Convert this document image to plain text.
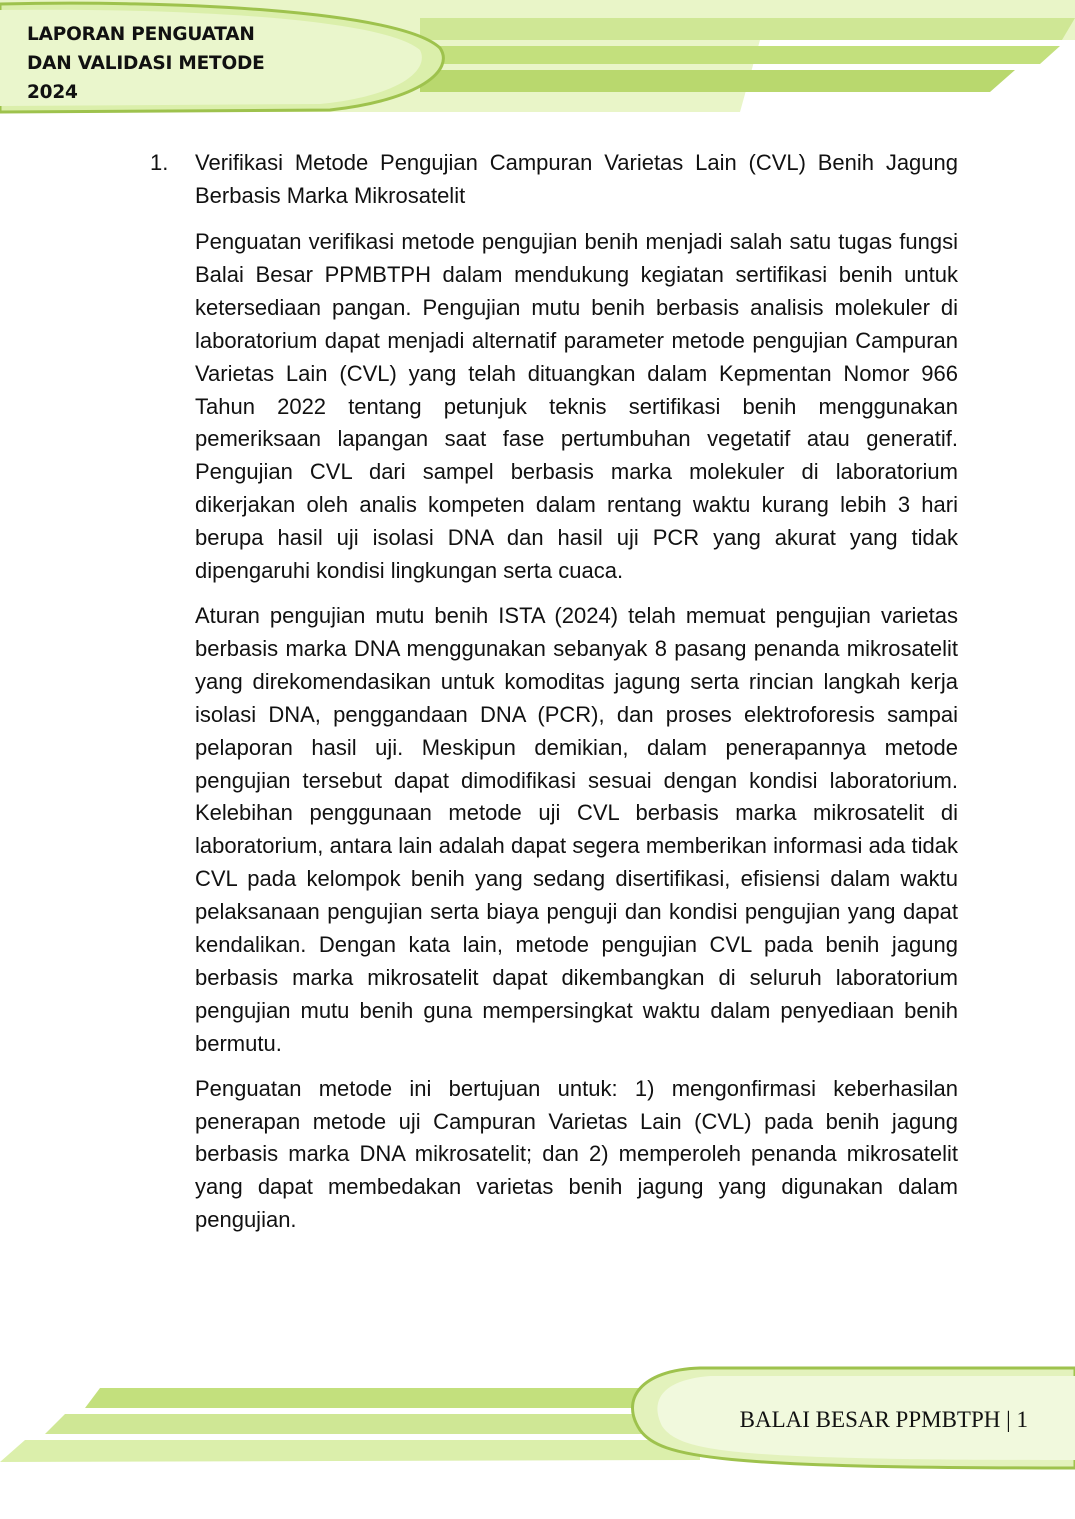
LAPORAN PENGUATAN
DAN VALIDASI METODE
2024

1.	Verifikasi Metode Pengujian Campuran Varietas Lain (CVL) Benih Jagung Berbasis Marka Mikrosatelit

Penguatan verifikasi metode pengujian benih menjadi salah satu tugas fungsi Balai Besar PPMBTPH dalam mendukung kegiatan sertifikasi benih untuk ketersediaan pangan. Pengujian mutu benih berbasis analisis molekuler di laboratorium dapat menjadi alternatif parameter metode pengujian Campuran Varietas Lain (CVL) yang telah dituangkan dalam Kepmentan Nomor 966 Tahun 2022 tentang petunjuk teknis sertifikasi benih menggunakan pemeriksaan lapangan saat fase pertumbuhan vegetatif atau generatif. Pengujian CVL dari sampel berbasis marka molekuler di laboratorium dikerjakan oleh analis kompeten dalam rentang waktu kurang lebih 3 hari berupa hasil uji isolasi DNA dan hasil uji PCR yang akurat yang tidak dipengaruhi kondisi lingkungan serta cuaca.

Aturan pengujian mutu benih ISTA (2024) telah memuat pengujian varietas berbasis marka DNA menggunakan sebanyak 8 pasang penanda mikrosatelit yang direkomendasikan untuk komoditas jagung serta rincian langkah kerja isolasi DNA, penggandaan DNA (PCR), dan proses elektroforesis sampai pelaporan hasil uji. Meskipun demikian, dalam penerapannya metode pengujian tersebut dapat dimodifikasi sesuai dengan kondisi laboratorium. Kelebihan penggunaan metode uji CVL berbasis marka mikrosatelit di laboratorium, antara lain adalah dapat segera memberikan informasi ada tidak CVL pada kelompok benih yang sedang disertifikasi, efisiensi dalam waktu pelaksanaan pengujian serta biaya penguji dan kondisi pengujian yang dapat kendalikan. Dengan kata lain, metode pengujian CVL pada benih jagung berbasis marka mikrosatelit dapat dikembangkan di seluruh laboratorium pengujian mutu benih guna mempersingkat waktu dalam penyediaan benih bermutu.

Penguatan metode ini bertujuan untuk: 1) mengonfirmasi keberhasilan penerapan metode uji Campuran Varietas Lain (CVL) pada benih jagung berbasis marka DNA mikrosatelit; dan 2) memperoleh penanda mikrosatelit yang dapat membedakan varietas benih jagung yang digunakan dalam pengujian.

BALAI BESAR PPMBTPH | 1
